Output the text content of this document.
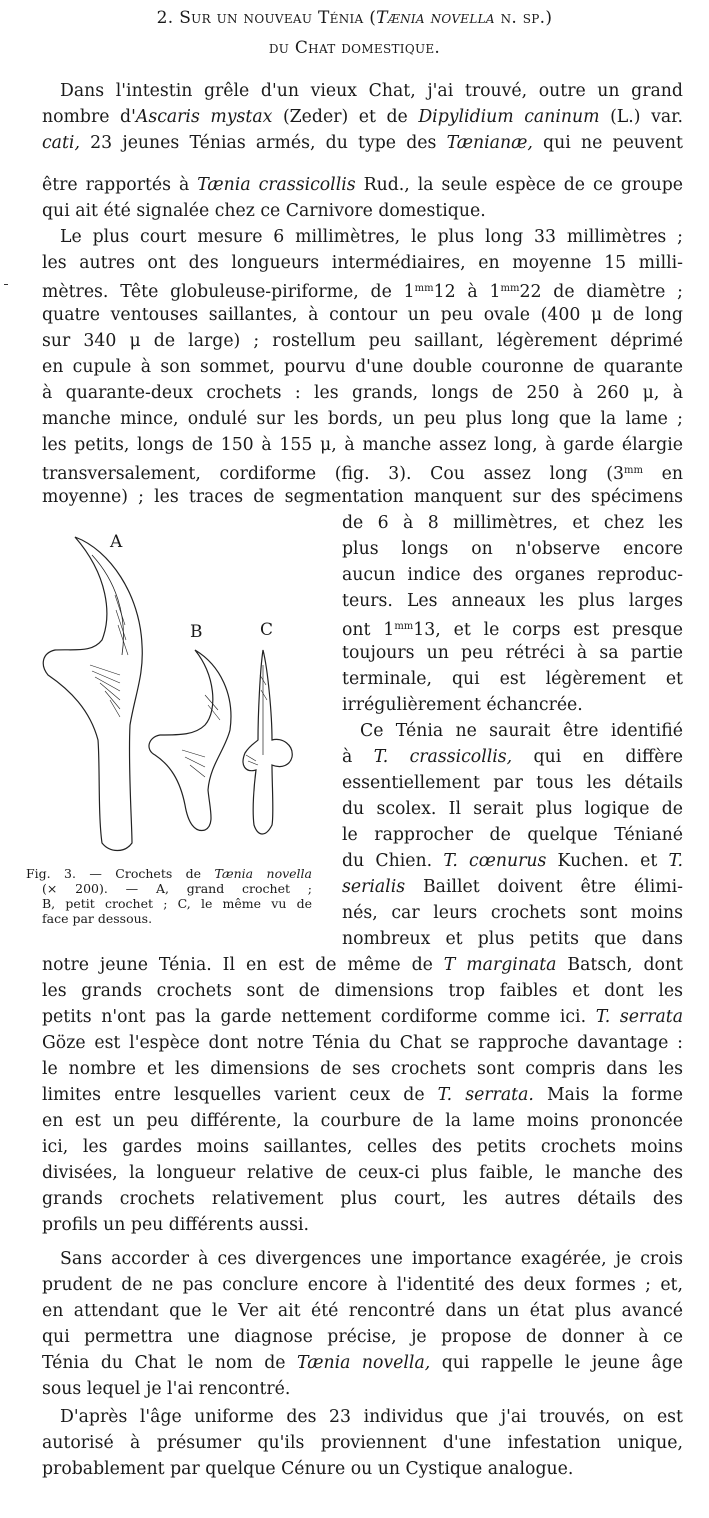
2. Sur un nouveau Ténia (Tænia novella n. sp.)
du Chat domestique.
Dans l'intestin grêle d'un vieux Chat, j'ai trouvé, outre un grand
nombre d'Ascaris mystax (Zeder) et de Dipylidium caninum (L.) var.
cati, 23 jeunes Ténias armés, du type des Tænianæ, qui ne peuvent
être rapportés à Tænia crassicollis Rud., la seule espèce de ce groupe
qui ait été signalée chez ce Carnivore domestique.
Le plus court mesure 6 millimètres, le plus long 33 millimètres ;
les autres ont des longueurs intermédiaires, en moyenne 15 milli-
mètres. Tête globuleuse-piriforme, de $1^{mm}12$ à $1^{mm}22$ de diamètre ;
quatre ventouses saillantes, à contour un peu ovale (400 μ de long
sur 340 μ de large) ; rostellum peu saillant, légèrement déprimé
en cupule à son sommet, pourvu d'une double couronne de quarante
à quarante-deux crochets : les grands, longs de 250 à 260 μ, à
manche mince, ondulé sur les bords, un peu plus long que la lame ;
les petits, longs de 150 à 155 μ, à manche assez long, à garde élargie
transversalement, cordiforme (fig. 3). Cou assez long ($3^{mm}$ en
moyenne) ; les traces de segmentation manquent sur des spécimens
de 6 à 8 millimètres, et chez les
plus longs on n'observe encore
aucun indice des organes reproduc-
teurs. Les anneaux les plus larges
ont $1^{mm}13$, et le corps est presque
toujours un peu rétréci à sa partie
terminale, qui est légèrement et
irrégulièrement échancrée.
Ce Ténia ne saurait être identifié
à T. crassicollis, qui en diffère
essentiellement par tous les détails
du scolex. Il serait plus logique de
le rapprocher de quelque Téniané
du Chien. T. cœnurus Kuchen. et T.
serialis Baillet doivent être élimi-
nés, car leurs crochets sont moins
nombreux et plus petits que dans
notre jeune Ténia. Il en est de même de T marginata Batsch, dont
les grands crochets sont de dimensions trop faibles et dont les
petits n'ont pas la garde nettement cordiforme comme ici. T. serrata
Göze est l'espèce dont notre Ténia du Chat se rapproche davantage :
le nombre et les dimensions de ses crochets sont compris dans les
limites entre lesquelles varient ceux de T. serrata. Mais la forme
en est un peu différente, la courbure de la lame moins prononcée
ici, les gardes moins saillantes, celles des petits crochets moins
divisées, la longueur relative de ceux-ci plus faible, le manche des
grands crochets relativement plus court, les autres détails des
profils un peu différents aussi.
Sans accorder à ces divergences une importance exagérée, je crois
prudent de ne pas conclure encore à l'identité des deux formes ; et,
en attendant que le Ver ait été rencontré dans un état plus avancé
qui permettra une diagnose précise, je propose de donner à ce
Ténia du Chat le nom de Tænia novella, qui rappelle le jeune âge
sous lequel je l'ai rencontré.
D'après l'âge uniforme des 23 individus que j'ai trouvés, on est
autorisé à présumer qu'ils proviennent d'une infestation unique,
probablement par quelque Cénure ou un Cystique analogue.
A
B	C
Fig. 3. — Crochets de Tænia novella
(× 200). — A, grand crochet ;
B, petit crochet ; C, le même vu de
face par dessous.
